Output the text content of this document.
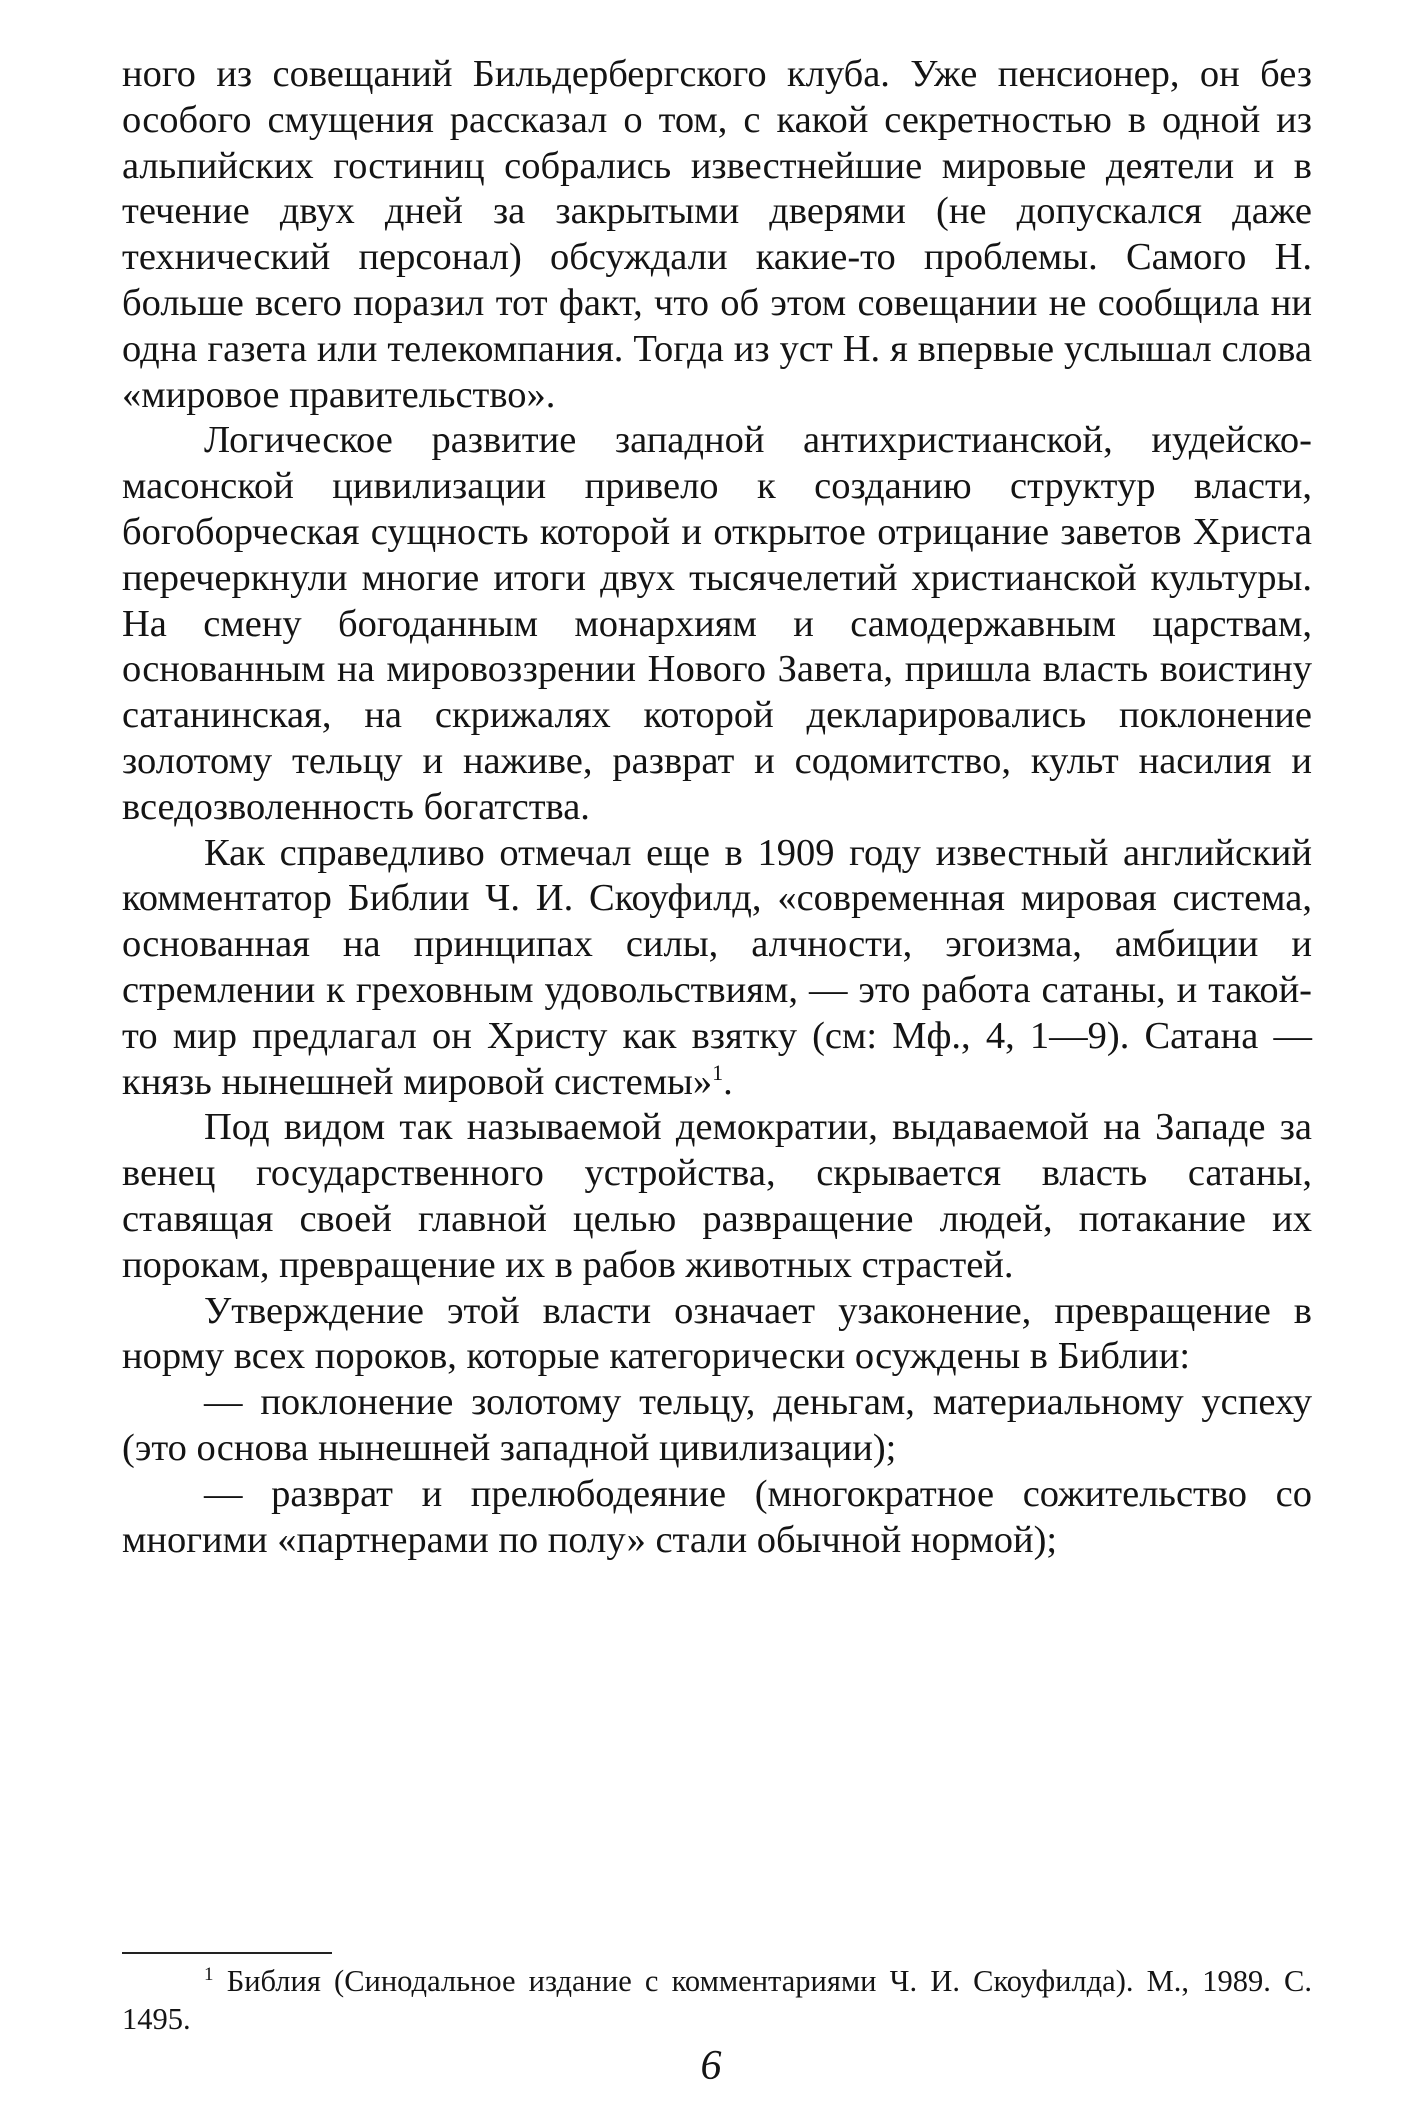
ного из совещаний Бильдербергского клуба. Уже пенсионер, он без особого смущения рассказал о том, с какой секретностью в одной из альпийских гостиниц собрались известнейшие мировые деятели и в течение двух дней за закрытыми дверями (не допускался даже технический персонал) обсуждали какие-то проблемы. Самого Н. больше всего поразил тот факт, что об этом совещании не сообщила ни одна газета или телекомпания. Тогда из уст Н. я впервые услышал слова «мировое правительство».

Логическое развитие западной антихристианской, иудейско-масонской цивилизации привело к созданию структур власти, богоборческая сущность которой и открытое отрицание заветов Христа перечеркнули многие итоги двух тысячелетий христианской культуры. На смену богоданным монархиям и самодержавным царствам, основанным на мировоззрении Нового Завета, пришла власть воистину сатанинская, на скрижалях которой декларировались поклонение золотому тельцу и наживе, разврат и содомитство, культ насилия и вседозволенность богатства.

Как справедливо отмечал еще в 1909 году известный английский комментатор Библии Ч. И. Скоуфилд, «современная мировая система, основанная на принципах силы, алчности, эгоизма, амбиции и стремлении к греховным удовольствиям, — это работа сатаны, и такой-то мир предлагал он Христу как взятку (см: Мф., 4, 1—9). Сатана — князь нынешней мировой системы»$^1$.

Под видом так называемой демократии, выдаваемой на Западе за венец государственного устройства, скрывается власть сатаны, ставящая своей главной целью развращение людей, потакание их порокам, превращение их в рабов животных страстей.

Утверждение этой власти означает узаконение, превращение в норму всех пороков, которые категорически осуждены в Библии:

— поклонение золотому тельцу, деньгам, материальному успеху (это основа нынешней западной цивилизации);

— разврат и прелюбодеяние (многократное сожительство со многими «партнерами по полу» стали обычной нормой);

$^1$ Библия (Синодальное издание с комментариями Ч. И. Скоуфилда). М., 1989. С. 1495.

6
